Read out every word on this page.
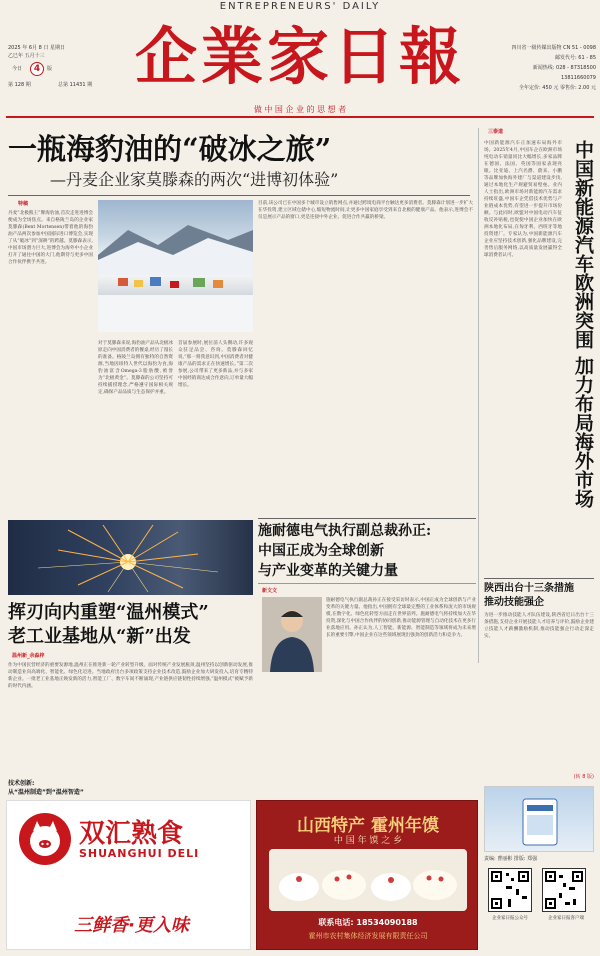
ENTREPRENEURS' DAILY
企業家日報
做 中 国 企 业 的 思 想 者
2025 年 6月 8 日 星期日
乙巳年 五月十三
今日	4	版
第 128 期	总第 11431 期
四川省一级传媒出版物 CN 51 - 0098
邮发代号: 61 - 85
新闻热线: 028 - 87318500
13811660079
全年定价: 450 元 零售价: 2.00 元
一瓶海豹油的“破冰之旅”
—丹麦企业家莫滕森的两次“进博初体验”
特稿
丹麦“北极熊王”牌海豹油,首次走进进博会便成为全场焦点。来自格陵兰岛的企业家莫滕森(Bent Mortensen)带着他的海豹油产品两次参加中国国际进口博览会,实现了从“破冰”到“深耕”的跨越。莫滕森表示,中国市场潜力巨大,进博会为海外中小企业打开了通往中国的大门,他期待与更多中国合作伙伴携手共进。
对于莫滕森来说,海豹油产品从北极冰原走向中国消费者的餐桌,经历了漫长的准备。格陵兰岛拥有独特的自然资源,当地因纽特人世代以海豹为食,海豹油富含Omega-3脂肪酸,被誉为“北极黄金”。莫滕森的公司坚持可持续捕捞理念,严格遵守国际相关规定,确保产品品质与生态保护并重。
首届参展时,展位前人头攒动,许多观众驻足品尝、咨询。莫滕森回忆说,“那一刻我意识到,中国消费者对健康产品的需求正在快速增长。”第二次参展,公司带来了更多新品,并与多家中国经销商达成合作意向,订单量大幅增长。
目前,该公司已在中国多个城市设立销售网点,并通过跨境电商平台触达更多消费者。莫滕森计划进一步扩大在华投资,建立区域仓储中心,缩短物流时间,让更多中国家庭享受到来自北极的健康产品。他表示,进博会不仅是展示产品的窗口,更是连接中外企业、促进合作共赢的桥梁。
三泰道
中国新能源汽车正加速布局海外市场。2025年4月,中国车企在欧洲市场纯电动车销量同比大幅增长,多家品牌在德国、法国、英国等国家表现亮眼。比亚迪、上汽名爵、蔚来、小鹏等品牌加快海外建厂与渠道建设步伐,通过本地化生产规避贸易壁垒。业内人士指出,欧洲市场对新能源汽车需求持续旺盛,中国车企凭借技术优势与产业链成本优势,有望进一步提升市场份额。与此同时,欧盟对中国电动汽车征收反补贴税,也促使中国企业加快在欧洲本地化布局,在匈牙利、西班牙等地投资建厂。专家认为,中国新能源汽车企业应坚持技术创新,强化品牌建设,完善售后服务网络,以高质量发展赢得全球消费者认可。	中国新能源汽车欧洲突围 加力布局海外市场
施耐德电气执行副总裁孙正:
中国正成为全球创新
与产业变革的关键力量
新文文
施耐德电气执行副总裁孙正在接受采访时表示,中国正成为全球创新与产业变革的关键力量。他指出,中国拥有全球最完整的工业体系和庞大的市场规模,在数字化、绿色化转型方面走在世界前列。施耐德电气将持续加大在华投资,深化与中国合作伙伴的协同创新,推动能源管理与自动化技术在更多行业落地应用。孙正认为,人工智能、新能源、智能制造等领域将成为未来增长的重要引擎,中国企业在这些领域展现出强劲的创新活力和竞争力。
挥刃向内重塑“温州模式”
老工业基地从“新”出发
温州新_余淼梓
作为中国民营经济的重要发源地,温州正在推进新一轮产业转型升级。面对传统产业发展瓶颈,温州坚持以创新驱动发展,推动制造业向高端化、智能化、绿色化迈进。当地政府出台多项政策支持企业技术改造,鼓励企业加大研发投入,培育专精特新企业。一批老工业基地正焕发新的活力,智能工厂、数字车间不断涌现,产业链供应链韧性持续增强,“温州模式”被赋予新的时代内涵。
技术创新:
从“温州制造”到“温州智造”
陕西出台十三条措施
推动技能强企
为进一步推动技能人才队伍建设,陕西省近日出台十三条措施,支持企业开展技能人才培养与评价,鼓励企业建立技能人才薪酬激励机制,推动技能强企行动走深走实。
(转 8 版)
双汇熟食
SHUANGHUI DELI
三鲜香·更入味
山西特产 霍州年馍
中 国 年 馍 之 乡
联系电话: 18534090188
霍州市农村集体经济发展有限责任公司
责编: 曹丽彬 排版: 郑强
企业家日报公众号	企业家日报客户端
